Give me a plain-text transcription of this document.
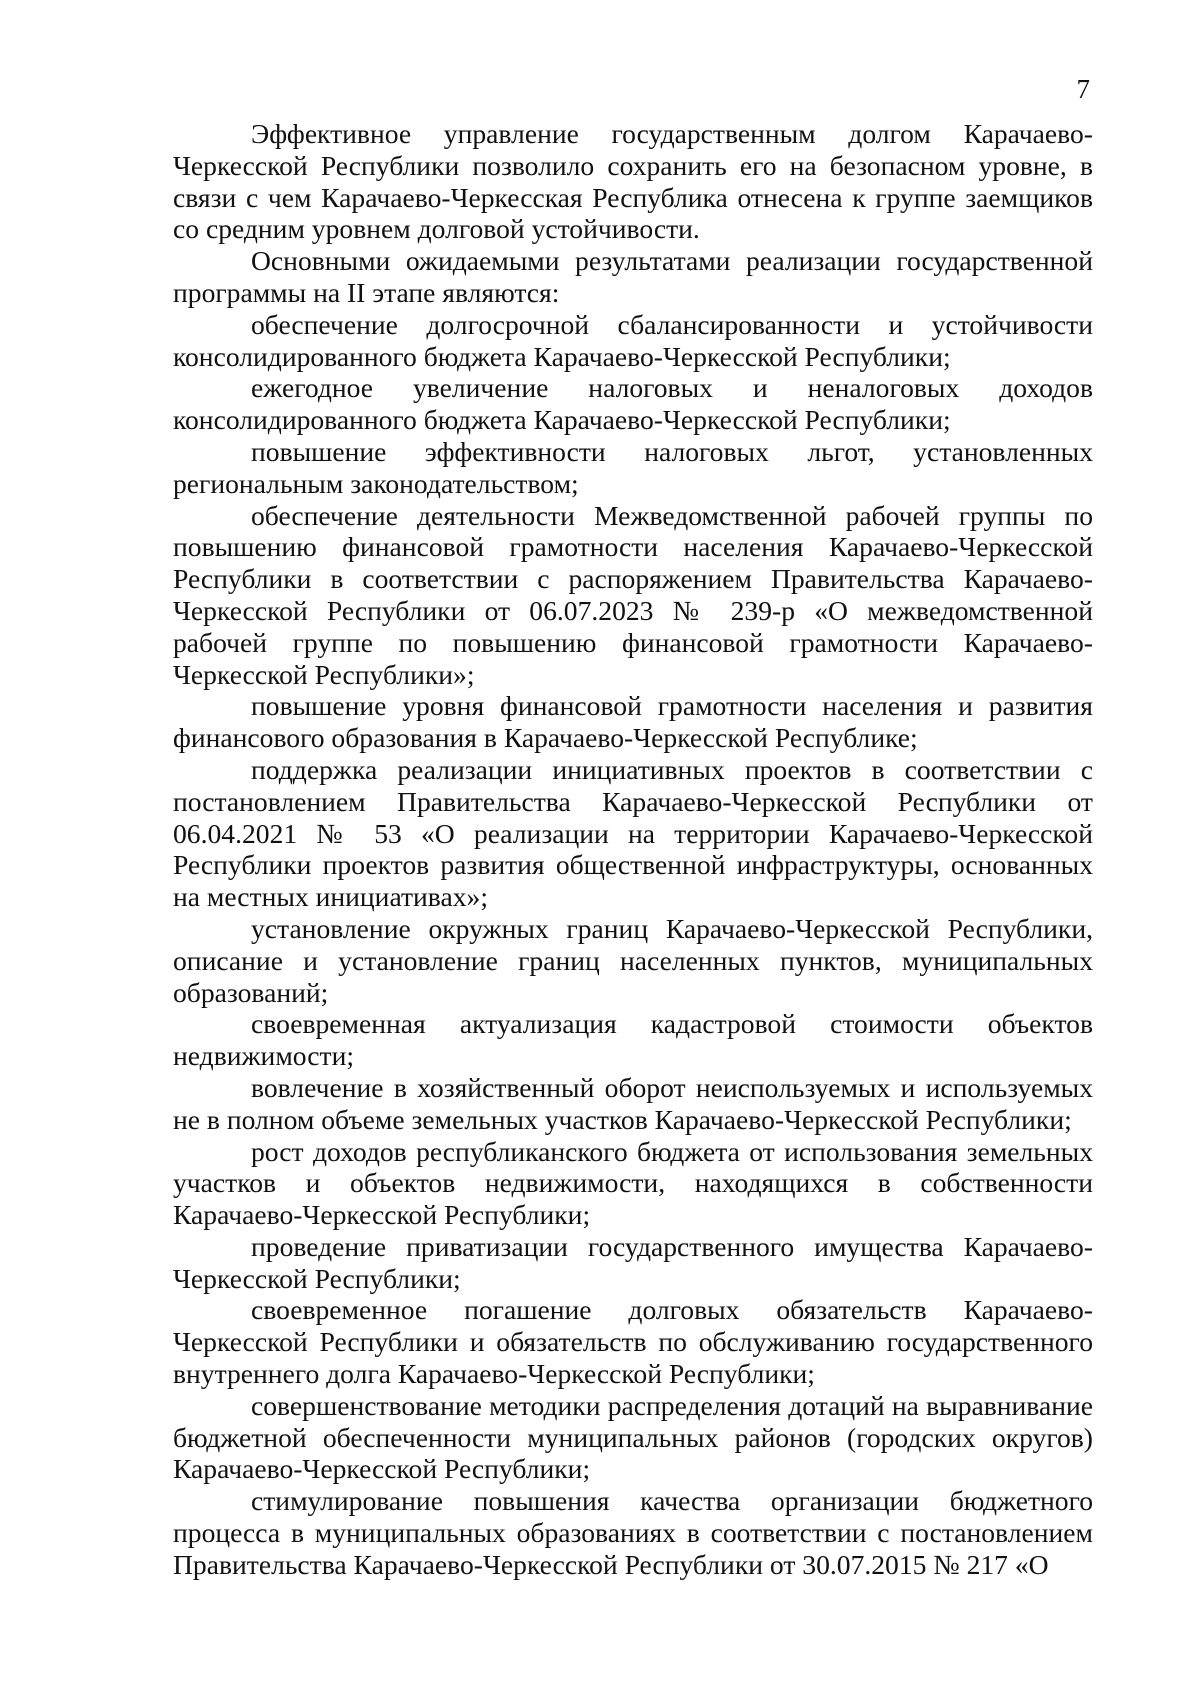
7

Эффективное управление государственным долгом Карачаево-Черкесской Республики позволило сохранить его на безопасном уровне, в связи с чем Карачаево-Черкесская Республика отнесена к группе заемщиков со средним уровнем долговой устойчивости.

Основными ожидаемыми результатами реализации государственной программы на II этапе являются:

обеспечение долгосрочной сбалансированности и устойчивости консолидированного бюджета Карачаево-Черкесской Республики;

ежегодное увеличение налоговых и неналоговых доходов консолидированного бюджета Карачаево-Черкесской Республики;

повышение эффективности налоговых льгот, установленных региональным законодательством;

обеспечение деятельности Межведомственной рабочей группы по повышению финансовой грамотности населения Карачаево-Черкесской Республики в соответствии с распоряжением Правительства Карачаево-Черкесской Республики от 06.07.2023 № 239-р «О межведомственной рабочей группе по повышению финансовой грамотности Карачаево-Черкесской Республики»;

повышение уровня финансовой грамотности населения и развития финансового образования в Карачаево-Черкесской Республике;

поддержка реализации инициативных проектов в соответствии с постановлением Правительства Карачаево-Черкесской Республики от 06.04.2021 № 53 «О реализации на территории Карачаево-Черкесской Республики проектов развития общественной инфраструктуры, основанных на местных инициативах»;

установление окружных границ Карачаево-Черкесской Республики, описание и установление границ населенных пунктов, муниципальных образований;

своевременная актуализация кадастровой стоимости объектов недвижимости;

вовлечение в хозяйственный оборот неиспользуемых и используемых не в полном объеме земельных участков Карачаево-Черкесской Республики;

рост доходов республиканского бюджета от использования земельных участков и объектов недвижимости, находящихся в собственности Карачаево-Черкесской Республики;

проведение приватизации государственного имущества Карачаево-Черкесской Республики;

своевременное погашение долговых обязательств Карачаево-Черкесской Республики и обязательств по обслуживанию государственного внутреннего долга Карачаево-Черкесской Республики;

совершенствование методики распределения дотаций на выравнивание бюджетной обеспеченности муниципальных районов (городских округов) Карачаево-Черкесской Республики;

стимулирование повышения качества организации бюджетного процесса в муниципальных образованиях в соответствии с постановлением Правительства Карачаево-Черкесской Республики от 30.07.2015 № 217 «О
